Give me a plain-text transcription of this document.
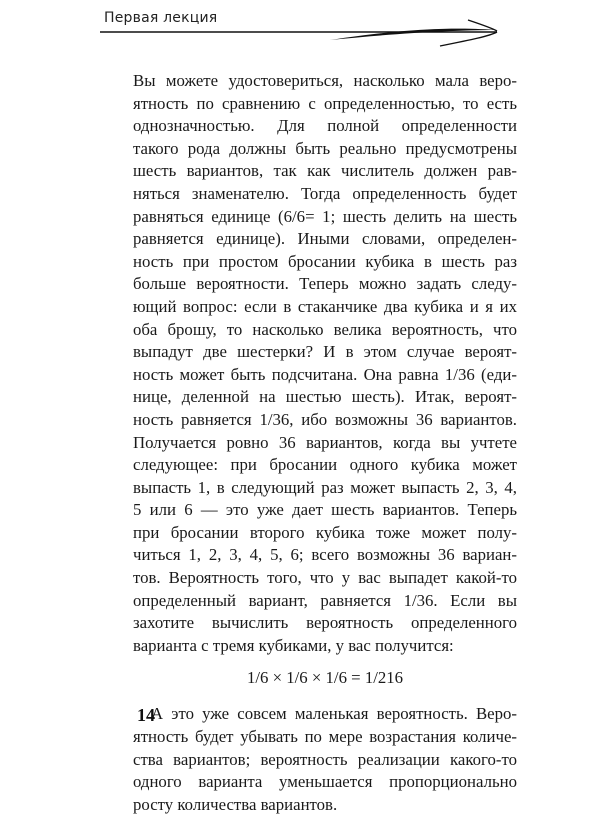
Первая лекция
Вы можете удостовериться, насколько мала веро-
ятность по сравнению с определенностью, то есть
однозначностью. Для полной определенности
такого рода должны быть реально предусмотрены
шесть вариантов, так как числитель должен рав-
няться знаменателю. Тогда определенность будет
равняться единице (6/6= 1; шесть делить на шесть
равняется единице). Иными словами, определен-
ность при простом бросании кубика в шесть раз
больше вероятности. Теперь можно задать следу-
ющий вопрос: если в стаканчике два кубика и я их
оба брошу, то насколько велика вероятность, что
выпадут две шестерки? И в этом случае вероят-
ность может быть подсчитана. Она равна 1/36 (еди-
нице, деленной на шестью шесть). Итак, вероят-
ность равняется 1/36, ибо возможны 36 вариантов.
Получается ровно 36 вариантов, когда вы учтете
следующее: при бросании одного кубика может
выпасть 1, в следующий раз может выпасть 2, 3, 4,
5 или 6 — это уже дает шесть вариантов. Теперь
при бросании второго кубика тоже может полу-
читься 1, 2, 3, 4, 5, 6; всего возможны 36 вариан-
тов. Вероятность того, что у вас выпадет какой-то
определенный вариант, равняется 1/36. Если вы
захотите вычислить вероятность определенного
варианта с тремя кубиками, у вас получится:
1/6 × 1/6 × 1/6 = 1/216
А это уже совсем маленькая вероятность. Веро-
ятность будет убывать по мере возрастания количе-
ства вариантов; вероятность реализации какого-то
одного варианта уменьшается пропорционально
росту количества вариантов.
14
